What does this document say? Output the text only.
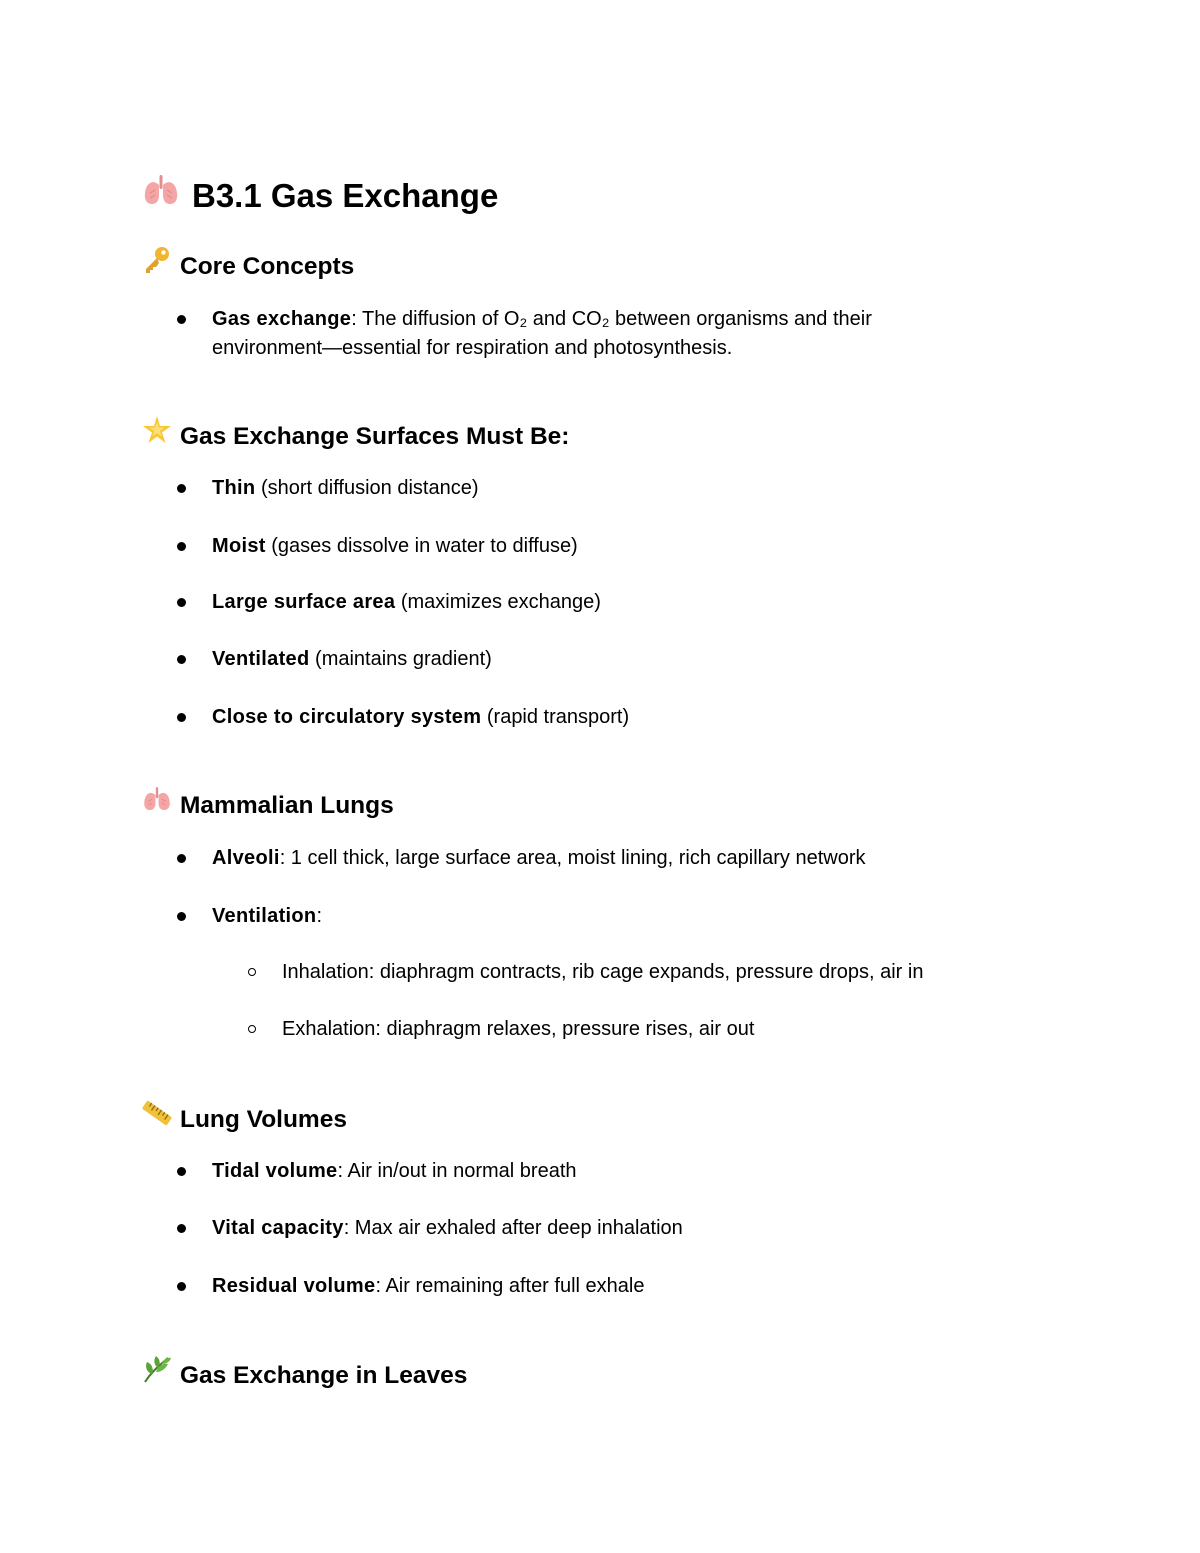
B3.1 Gas Exchange
Core Concepts
Gas exchange: The diffusion of O₂ and CO₂ between organisms and their environment—essential for respiration and photosynthesis.
Gas Exchange Surfaces Must Be:
Thin (short diffusion distance)
Moist (gases dissolve in water to diffuse)
Large surface area (maximizes exchange)
Ventilated (maintains gradient)
Close to circulatory system (rapid transport)
Mammalian Lungs
Alveoli: 1 cell thick, large surface area, moist lining, rich capillary network
Ventilation:
Inhalation: diaphragm contracts, rib cage expands, pressure drops, air in
Exhalation: diaphragm relaxes, pressure rises, air out
Lung Volumes
Tidal volume: Air in/out in normal breath
Vital capacity: Max air exhaled after deep inhalation
Residual volume: Air remaining after full exhale
Gas Exchange in Leaves
